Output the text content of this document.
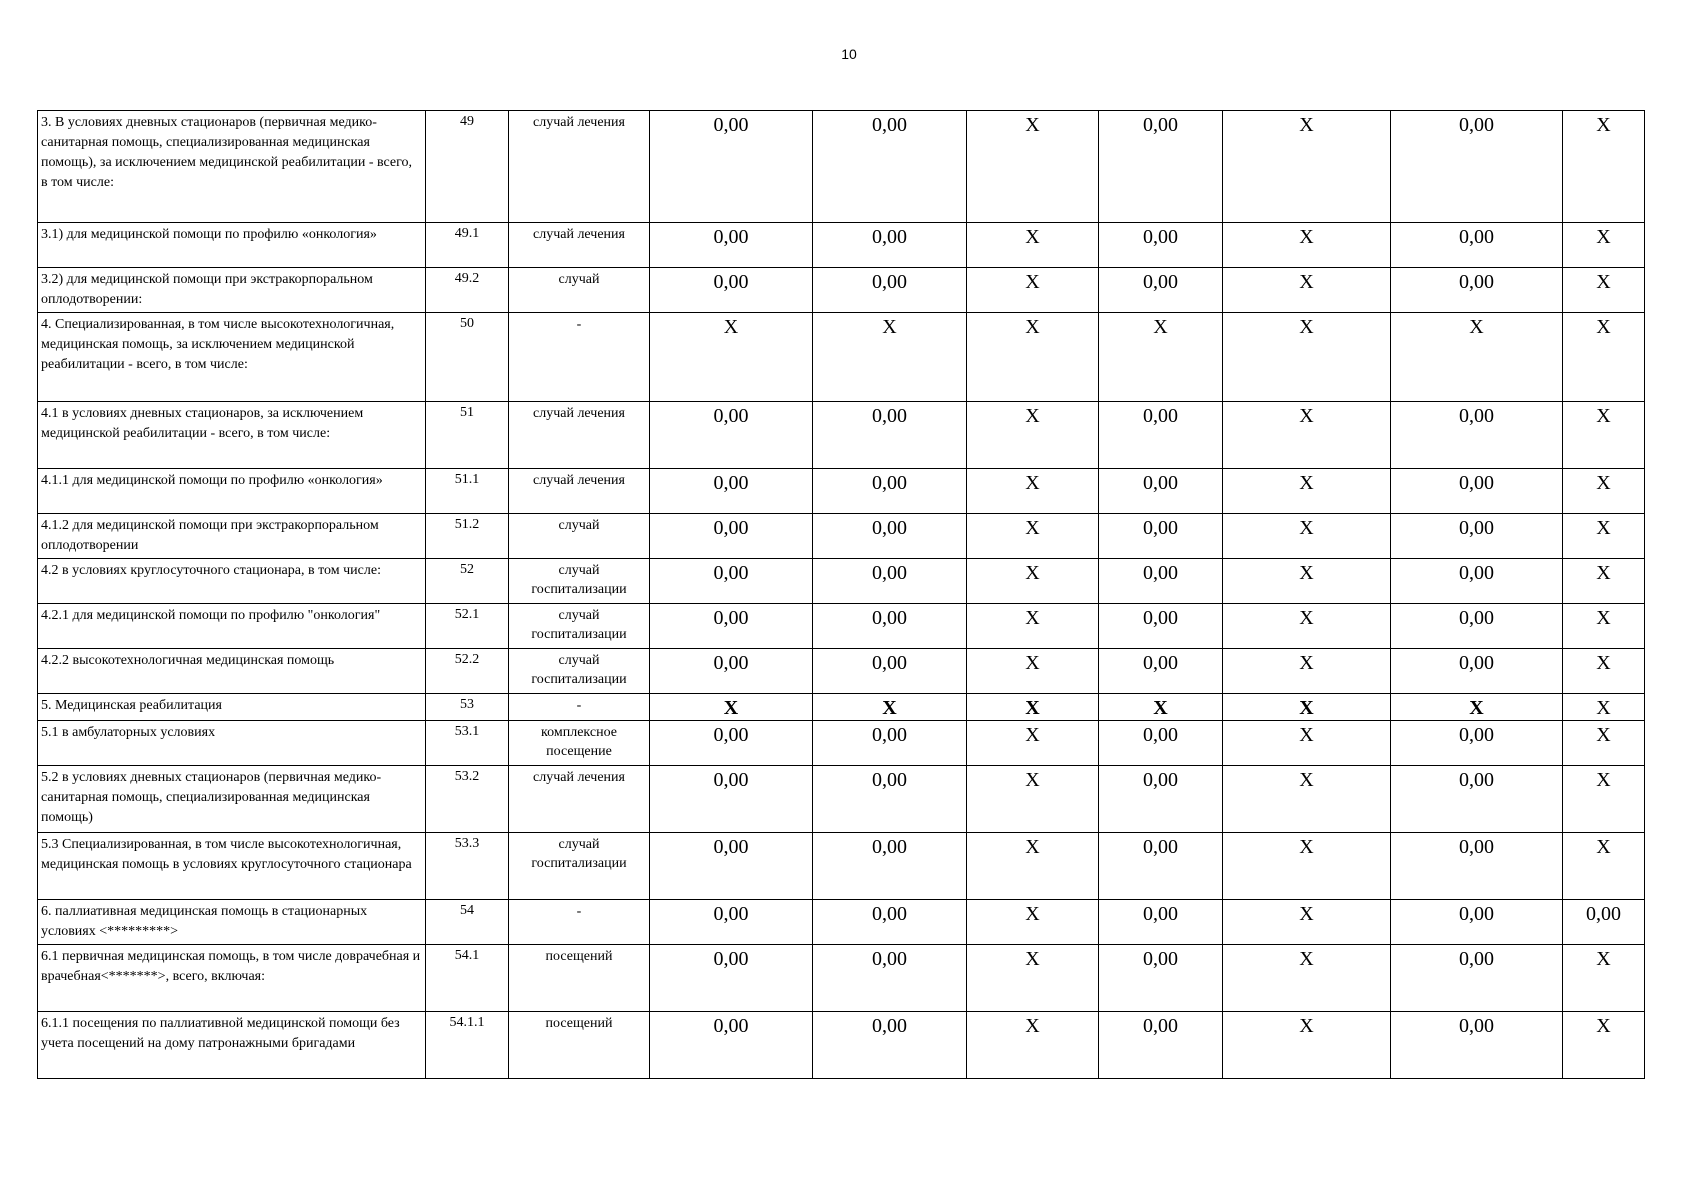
10
3. В условиях дневных стационаров (первичная медико-санитарная помощь, специализированная медицинская помощь), за исключением медицинской реабилитации - всего, в том числе:	49	случай лечения	0,00	0,00	X	0,00	X	0,00	X
3.1) для медицинской помощи по профилю «онкология»	49.1	случай лечения	0,00	0,00	X	0,00	X	0,00	X
3.2) для медицинской помощи при экстракорпоральном оплодотворении:	49.2	случай	0,00	0,00	X	0,00	X	0,00	X
4. Специализированная, в том числе высокотехнологичная, медицинская помощь, за исключением медицинской реабилитации - всего, в том числе:	50	-	X	X	X	X	X	X	X
4.1 в условиях дневных стационаров, за исключением медицинской реабилитации - всего, в том числе:	51	случай лечения	0,00	0,00	X	0,00	X	0,00	X
4.1.1 для медицинской помощи по профилю «онкология»	51.1	случай лечения	0,00	0,00	X	0,00	X	0,00	X
4.1.2 для медицинской помощи при экстракорпоральном оплодотворении	51.2	случай	0,00	0,00	X	0,00	X	0,00	X
4.2 в условиях круглосуточного стационара, в том числе:	52	случай госпитализации	0,00	0,00	X	0,00	X	0,00	X
4.2.1 для медицинской помощи по профилю "онкология"	52.1	случай госпитализации	0,00	0,00	X	0,00	X	0,00	X
4.2.2 высокотехнологичная медицинская помощь	52.2	случай госпитализации	0,00	0,00	X	0,00	X	0,00	X
5. Медицинская реабилитация	53	-	X	X	X	X	X	X	X
5.1 в амбулаторных условиях	53.1	комплексное посещение	0,00	0,00	X	0,00	X	0,00	X
5.2 в условиях дневных стационаров (первичная медико-санитарная помощь, специализированная медицинская помощь)	53.2	случай лечения	0,00	0,00	X	0,00	X	0,00	X
5.3 Специализированная, в том числе высокотехнологичная, медицинская помощь в условиях круглосуточного стационара	53.3	случай госпитализации	0,00	0,00	X	0,00	X	0,00	X
6. паллиативная медицинская помощь в стационарных условиях <*********>	54	-	0,00	0,00	X	0,00	X	0,00	0,00
6.1 первичная медицинская помощь, в том числе доврачебная и врачебная<*******>, всего, включая:	54.1	посещений	0,00	0,00	X	0,00	X	0,00	X
6.1.1 посещения по паллиативной медицинской помощи без учета посещений на дому патронажными бригадами	54.1.1	посещений	0,00	0,00	X	0,00	X	0,00	X
